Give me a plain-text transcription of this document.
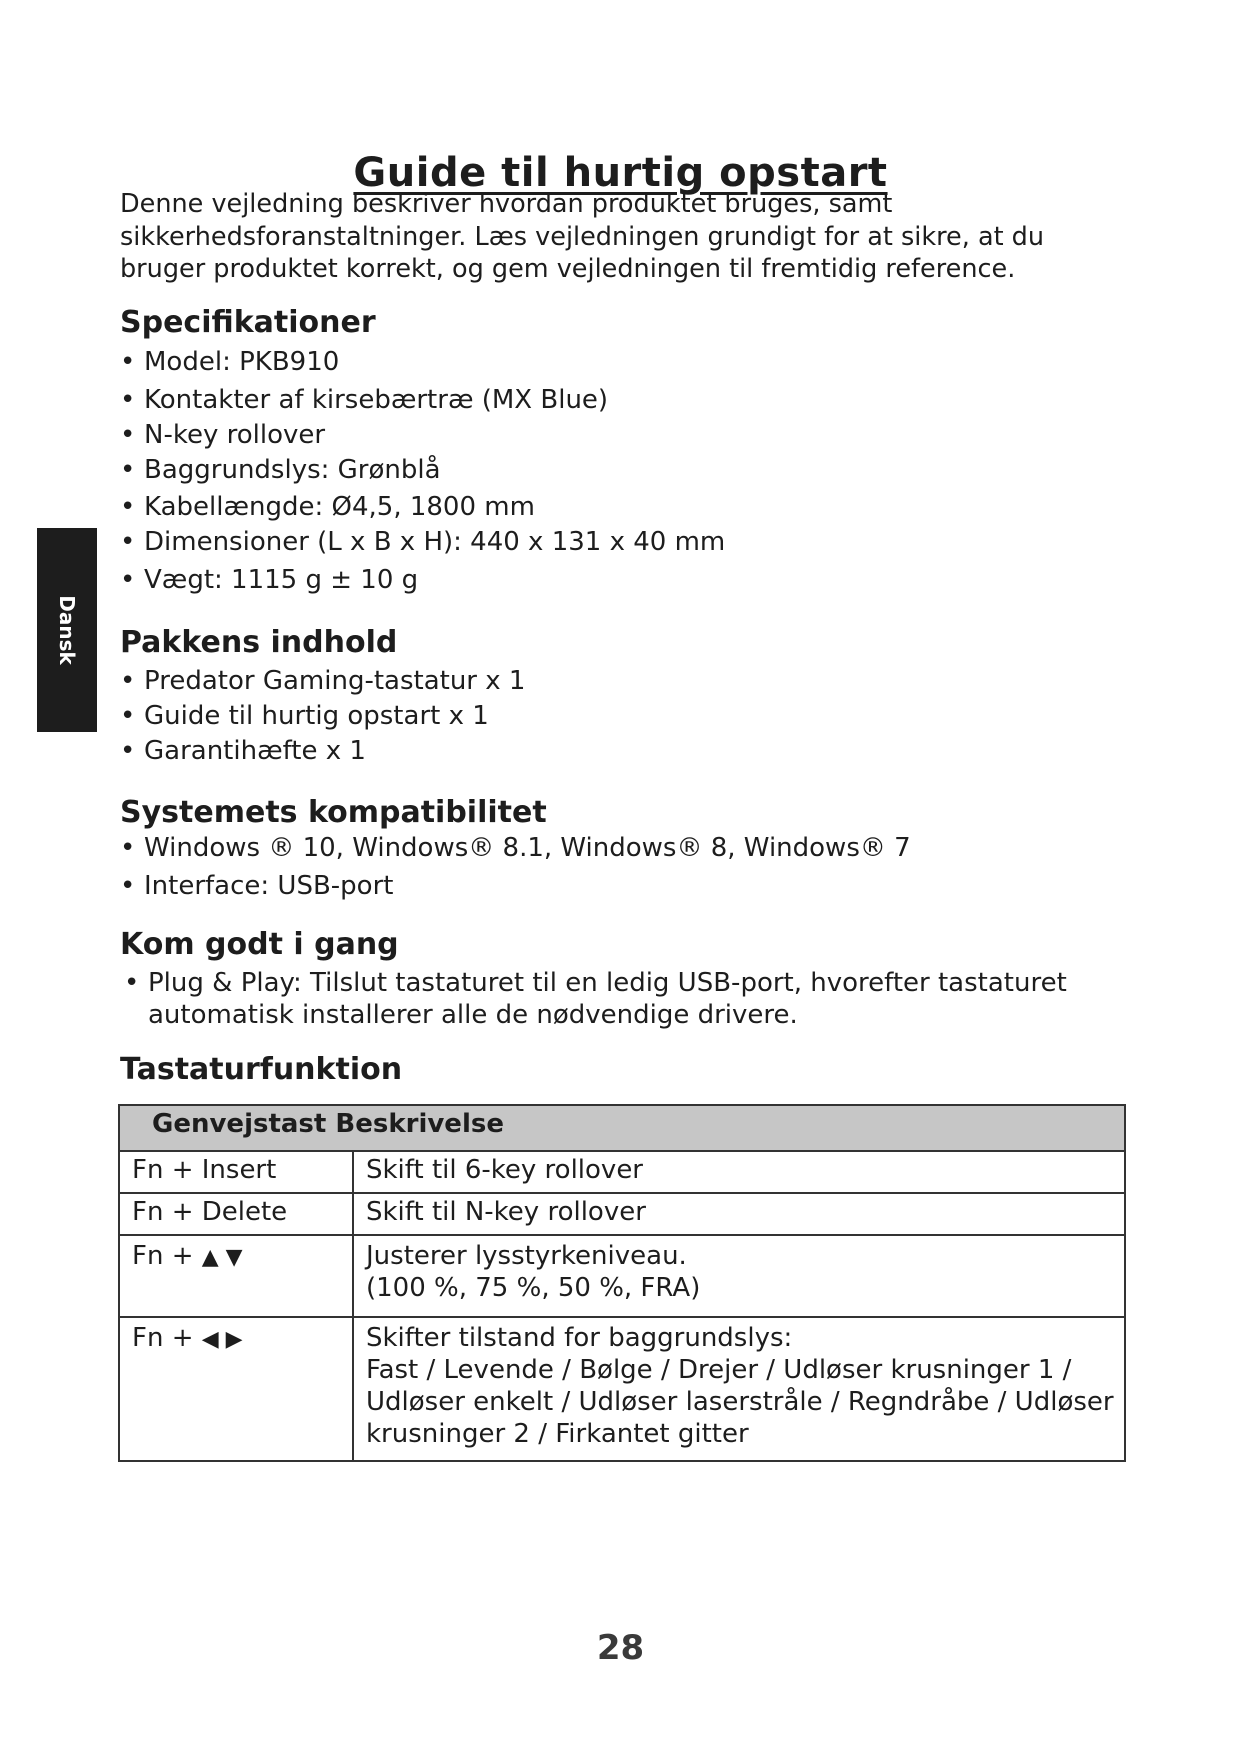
Guide til hurtig opstart

Denne vejledning beskriver hvordan produktet bruges, samt sikkerhedsforanstaltninger. Læs vejledningen grundigt for at sikre, at du bruger produktet korrekt, og gem vejledningen til fremtidig reference.

Dansk
Specifikationer
• Model: PKB910
• Kontakter af kirsebærtræ (MX Blue)
• N-key rollover
• Baggrundslys: Grønblå
• Kabellængde: Ø4,5, 1800 mm
• Dimensioner (L x B x H): 440 x 131 x 40 mm
• Vægt: 1115 g ± 10 g
Pakkens indhold
• Predator Gaming-tastatur x 1
• Guide til hurtig opstart x 1
• Garantihæfte x 1
Systemets kompatibilitet
• Windows ® 10, Windows® 8.1, Windows® 8, Windows® 7
• Interface: USB-port
Kom godt i gang
• Plug & Play: Tilslut tastaturet til en ledig USB-port, hvorefter tastaturet automatisk installerer alle de nødvendige drivere.
Tastaturfunktion
Genvejstast Beskrivelse	
Fn + Insert	Skift til 6-key rollover
Fn + Delete	Skift til N-key rollover
Fn + ▲ ▼	Justerer lysstyrkeniveau.
(100 %, 75 %, 50 %, FRA)

Fn + ◀ ▶	Skifter tilstand for baggrundslys:
Fast / Levende / Bølge / Drejer / Udløser krusninger 1 / Udløser enkelt / Udløser laserstråle / Regndråbe / Udløser krusninger 2 / Firkantet gitter
28
